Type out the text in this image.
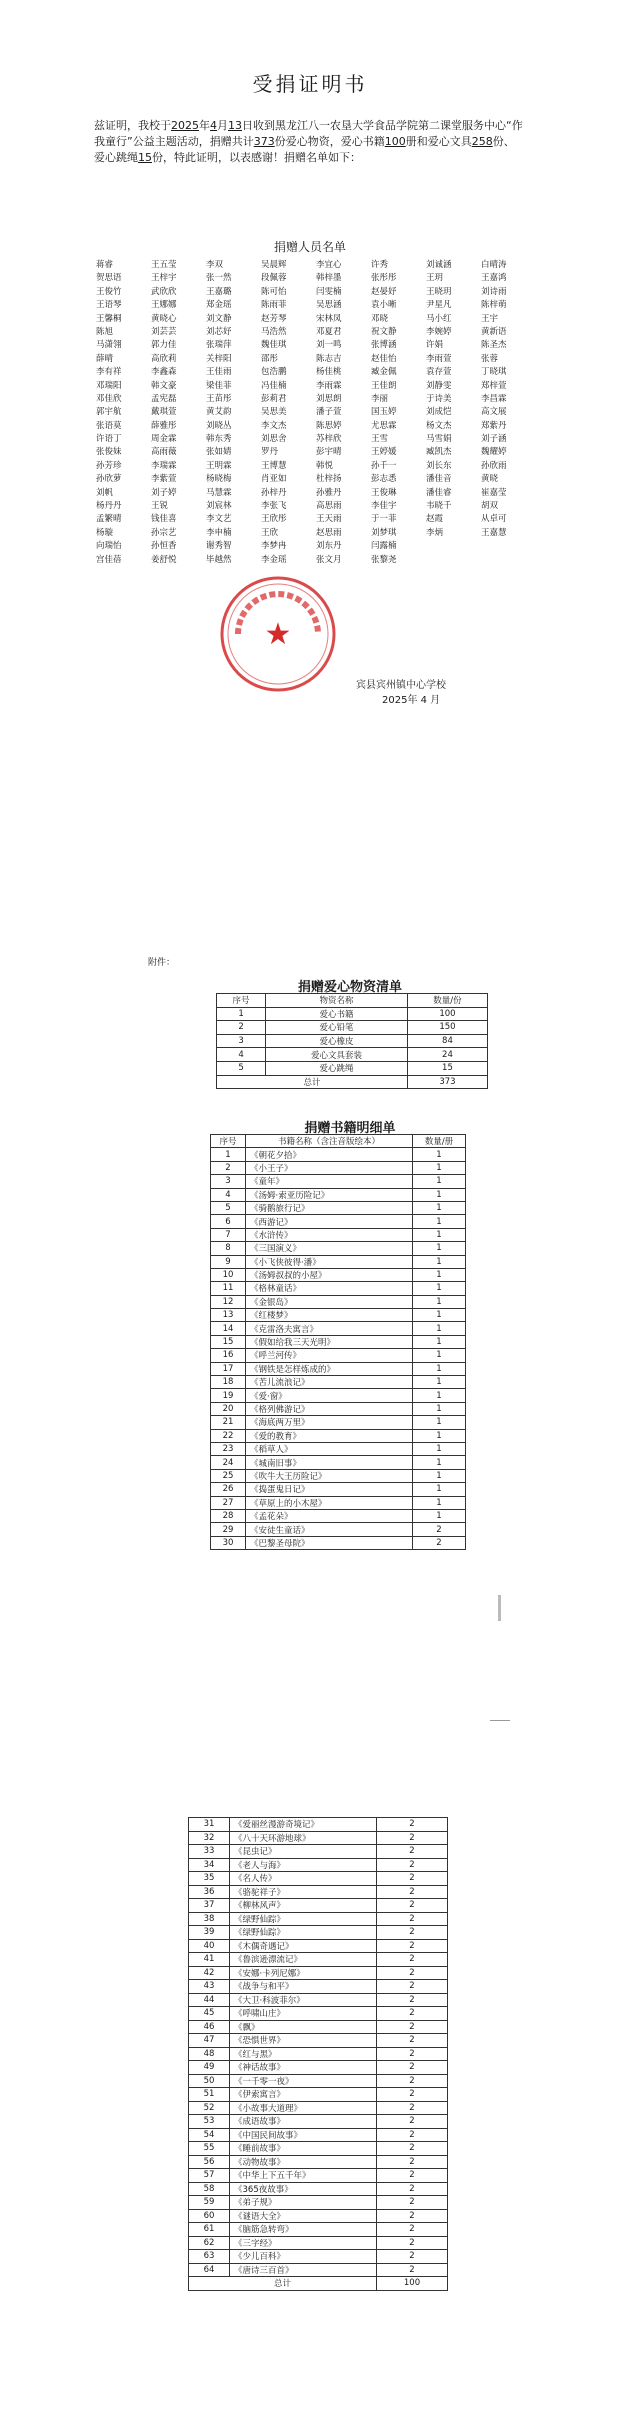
受捐证明书

兹证明，我校于2025年4月13日收到黑龙江八一农垦大学食品学院第二课堂服务中心“作我童行”公益主题活动，捐赠共计373份爱心物资，爱心书籍100册和爱心文具258份、爱心跳绳15份，特此证明，以表感谢！捐赠名单如下：

捐赠人员名单
蒋睿	王五莹	李双	吴晨辉	李宜心	许秀	刘诚涵	白晴涛
贺思语	王梓宇	张一然	段佩蓉	韩梓墨	张彤彤	王玥	王嘉鸿
王俊竹	武欣欣	王嘉璐	陈可怡	闫雯楠	赵晏妤	王晓玥	刘诗雨
王语琴	王娜娜	郑金瑶	陈雨菲	吴思涵	袁小晰	尹星凡	陈梓萌
王馨桐	黄晓心	刘文静	赵芳琴	宋林凤	邓晓	马小红	王宇
陈旭	刘芸芸	刘芯妤	马浩然	邓夏君	祝文静	李婉婷	黄新语
马潇翎	郭力佳	张瑞萍	魏佳琪	刘一鸣	张博涵	许娟	陈圣杰
薛晴	高欣莉	关梓阳	邵彤	陈志吉	赵佳怡	李雨萱	张蓉
李有祥	李鑫森	王佳雨	包浩鹏	杨佳桃	臧金佩	袁存萱	丁晓琪
邓瑞阳	韩文豪	梁佳菲	冯佳楠	李雨霖	王佳朗	刘静雯	郑梓萱
邓佳欣	孟宪磊	王苗彤	彭莉君	刘思朗	李丽	于诗美	李昌霖
郭宇航	戴琪萱	黄艾韵	吴思美	潘子萱	国玉婷	刘成恺	高文展
张语莫	薛雅彤	刘晓丛	李文杰	陈思婷	尤思霖	杨文杰	郑紫丹
许语丁	周金霖	韩东秀	刘思舍	苏梓欣	王雪	马雪娟	刘子涵
张俊妹	高雨薇	张如婧	罗丹	彭宇晴	王婷媛	臧凯杰	魏耀婷
孙芳珍	李瑞霖	王明霖	王博慧	韩悦	孙千一	刘长东	孙欣雨
孙欣萝	李紫萱	杨晓梅	肖亚如	杜梓扬	彭志悉	潘佳音	黄晓
刘帆	刘子婷	马慧霖	孙梓丹	孙雅丹	王俊琳	潘佳睿	崔嘉莹
杨丹丹	王锐	刘宸林	李张飞	高思雨	李佳宇	韦晓千	胡双
孟繁晴	钱佳喜	李文艺	王欣彤	王天雨	于一菲	赵霞	从卓可
杨璇	孙宗艺	李申楠	王欣	赵思雨	刘梦琪	李炳	王嘉慧
向瑞怡	孙恒香	谢秀智	李梦冉	刘东丹	闫露楠
宫佳蓓	姜舒悦	毕越然	李金瑶	张文月	张黎尧
★
宾县宾州镇中心学校
2025年 4 月
附件：
捐赠爱心物资清单
序号	物资名称	数量/份
1	爱心书籍	100
2	爱心铅笔	150
3	爱心橡皮	84
4	爱心文具套装	24
5	爱心跳绳	15
总计		373
捐赠书籍明细单
序号	书籍名称（含注音版绘本）	数量/册
1	《朝花夕拾》	1
2	《小王子》	1
3	《童年》	1
4	《汤姆·索亚历险记》	1
5	《骑鹅旅行记》	1
6	《西游记》	1
7	《水浒传》	1
8	《三国演义》	1
9	《小飞侠彼得·潘》	1
10	《汤姆叔叔的小屋》	1
11	《格林童话》	1
12	《金银岛》	1
13	《红楼梦》	1
14	《克雷洛夫寓言》	1
15	《假如给我三天光明》	1
16	《呼兰河传》	1
17	《钢铁是怎样炼成的》	1
18	《苦儿流浪记》	1
19	《爱·窗》	1
20	《格列佛游记》	1
21	《海底两万里》	1
22	《爱的教育》	1
23	《稻草人》	1
24	《城南旧事》	1
25	《吹牛大王历险记》	1
26	《捣蛋鬼日记》	1
27	《草原上的小木屋》	1
28	《孟花朵》	1
29	《安徒生童话》	2
30	《巴黎圣母院》	2
31	《爱丽丝漫游奇境记》	2
32	《八十天环游地球》	2
33	《昆虫记》	2
34	《老人与海》	2
35	《名人传》	2
36	《骆驼祥子》	2
37	《柳林风声》	2
38	《绿野仙踪》	2
39	《绿野仙踪》	2
40	《木偶奇遇记》	2
41	《鲁滨逊漂流记》	2
42	《安娜·卡列尼娜》	2
43	《战争与和平》	2
44	《大卫·科波菲尔》	2
45	《呼啸山庄》	2
46	《飘》	2
47	《恐惧世界》	2
48	《红与黑》	2
49	《神话故事》	2
50	《一千零一夜》	2
51	《伊索寓言》	2
52	《小故事大道理》	2
53	《成语故事》	2
54	《中国民间故事》	2
55	《睡前故事》	2
56	《动物故事》	2
57	《中华上下五千年》	2
58	《365夜故事》	2
59	《弟子规》	2
60	《谜语大全》	2
61	《脑筋急转弯》	2
62	《三字经》	2
63	《少儿百科》	2
64	《唐诗三百首》	2
总计		100
